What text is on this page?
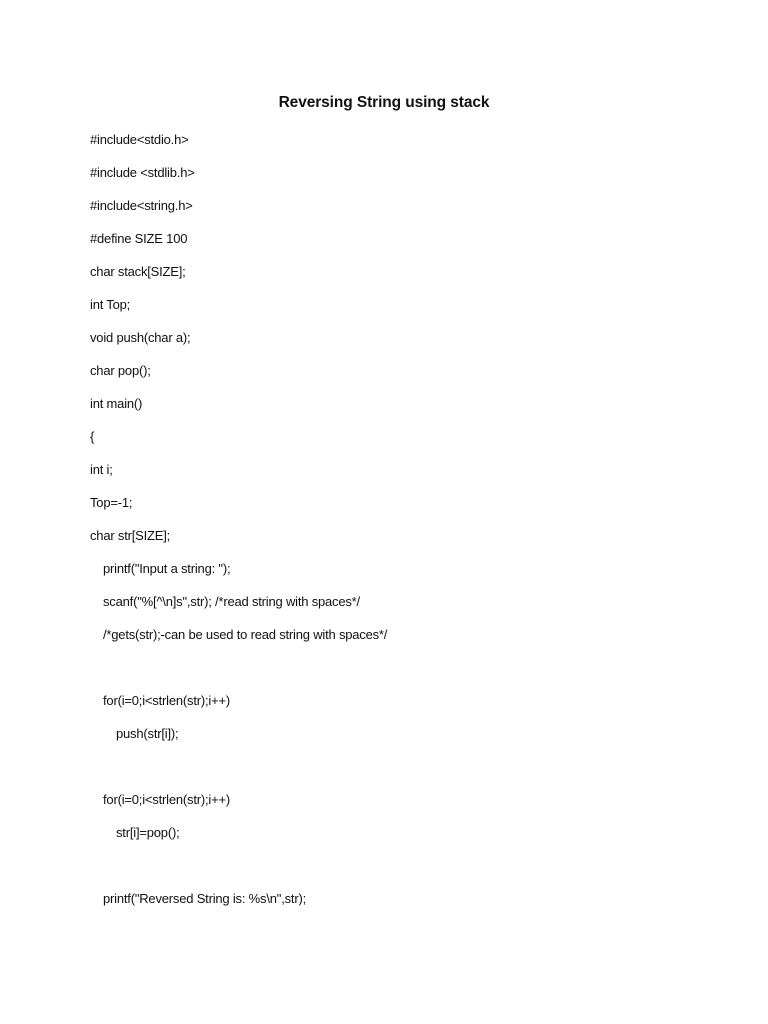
Reversing String using stack
#include<stdio.h>
#include <stdlib.h>
#include<string.h>
#define SIZE 100
char stack[SIZE];
int Top;
void push(char a);
char pop();
int main()
{
int i;
Top=-1;
char str[SIZE];
printf("Input a string: ");
scanf("%[^\n]s",str); /*read string with spaces*/
/*gets(str);-can be used to read string with spaces*/
for(i=0;i<strlen(str);i++)
push(str[i]);
for(i=0;i<strlen(str);i++)
str[i]=pop();
printf("Reversed String is: %s\n",str);
